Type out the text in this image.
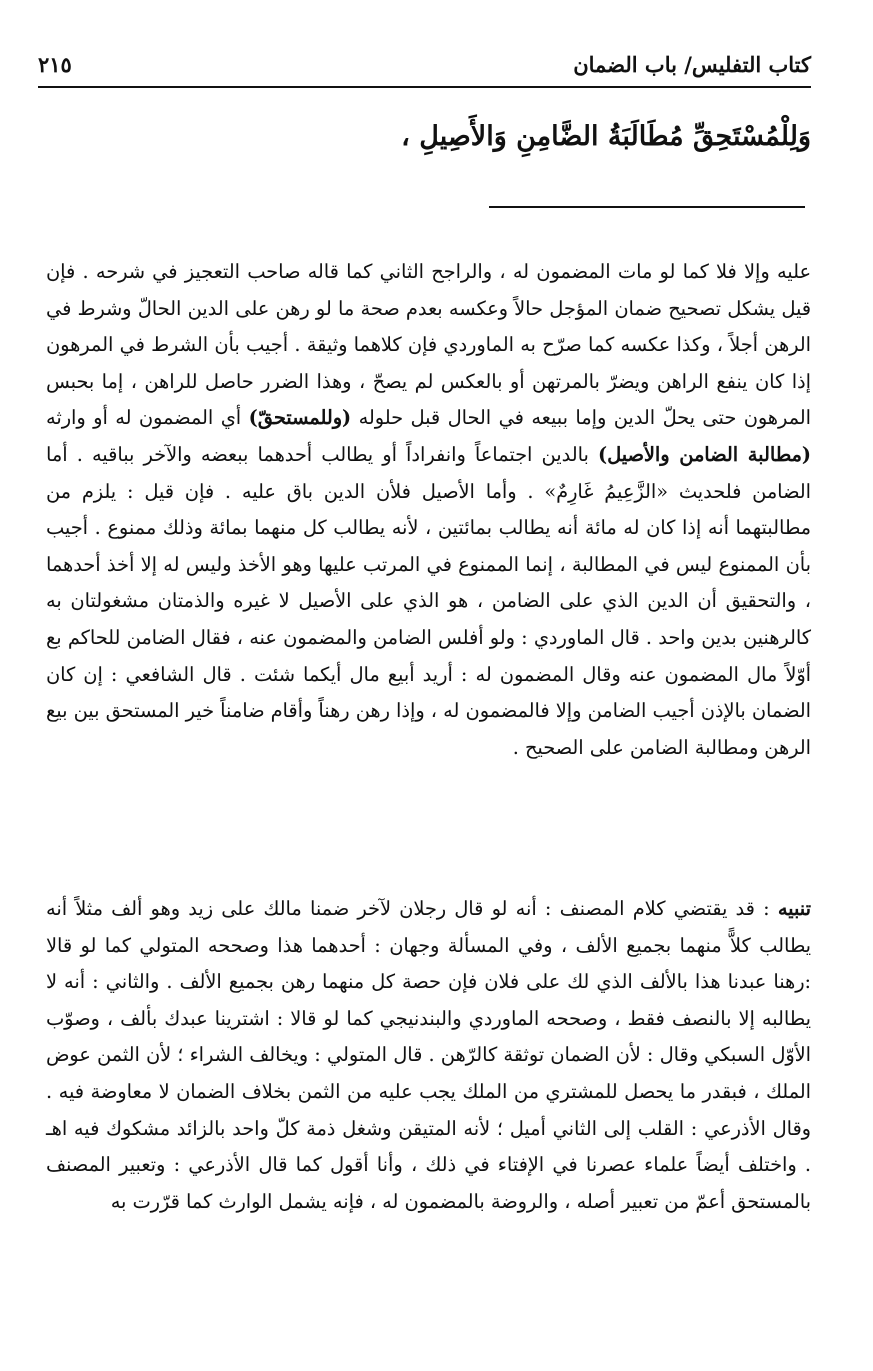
كتاب التفليس/ باب الضمان
٢١٥
وَلِلْمُسْتَحِقِّ مُطَالَبَةُ الضَّامِنِ وَالأَصِيلِ ،

عليه وإلا فلا كما لو مات المضمون له ، والراجح الثاني كما قاله صاحب التعجيز في شرحه . فإن قيل يشكل تصحيح ضمان المؤجل حالاً وعكسه بعدم صحة ما لو رهن على الدين الحالّ وشرط في الرهن أجلاً ، وكذا عكسه كما صرّح به الماوردي فإن كلاهما وثيقة . أجيب بأن الشرط في المرهون إذا كان ينفع الراهن ويضرّ بالمرتهن أو بالعكس لم يصحّ ، وهذا الضرر حاصل للراهن ، إما بحبس المرهون حتى يحلّ الدين وإما ببيعه في الحال قبل حلوله (وللمستحقّ) أي المضمون له أو وارثه (مطالبة الضامن والأصيل) بالدين اجتماعاً وانفراداً أو يطالب أحدهما ببعضه والآخر بباقيه . أما الضامن فلحديث «الزَّعِيمُ غَارِمٌ» . وأما الأصيل فلأن الدين باق عليه . فإن قيل : يلزم من مطالبتهما أنه إذا كان له مائة أنه يطالب بمائتين ، لأنه يطالب كل منهما بمائة وذلك ممنوع . أجيب بأن الممنوع ليس في المطالبة ، إنما الممنوع في المرتب عليها وهو الأخذ وليس له إلا أخذ أحدهما ، والتحقيق أن الدين الذي على الضامن ، هو الذي على الأصيل لا غيره والذمتان مشغولتان به كالرهنين بدين واحد . قال الماوردي : ولو أفلس الضامن والمضمون عنه ، فقال الضامن للحاكم بع أوّلاً مال المضمون عنه وقال المضمون له : أريد أبيع مال أيكما شئت . قال الشافعي : إن كان الضمان بالإذن أجيب الضامن وإلا فالمضمون له ، وإذا رهن رهناً وأقام ضامناً خير المستحق بين بيع الرهن ومطالبة الضامن على الصحيح .

تنبيه : قد يقتضي كلام المصنف : أنه لو قال رجلان لآخر ضمنا مالك على زيد وهو ألف مثلاً أنه يطالب كلاًّ منهما بجميع الألف ، وفي المسألة وجهان : أحدهما هذا وصححه المتولي كما لو قالا :رهنا عبدنا هذا بالألف الذي لك على فلان فإن حصة كل منهما رهن بجميع الألف . والثاني : أنه لا يطالبه إلا بالنصف فقط ، وصححه الماوردي والبندنيجي كما لو قالا : اشترينا عبدك بألف ، وصوّب الأوّل السبكي وقال : لأن الضمان توثقة كالرّهن . قال المتولي : ويخالف الشراء ؛ لأن الثمن عوض الملك ، فبقدر ما يحصل للمشتري من الملك يجب عليه من الثمن بخلاف الضمان لا معاوضة فيه . وقال الأذرعي : القلب إلى الثاني أميل ؛ لأنه المتيقن وشغل ذمة كلّ واحد بالزائد مشكوك فيه اهـ . واختلف أيضاً علماء عصرنا في الإفتاء في ذلك ، وأنا أقول كما قال الأذرعي : وتعبير المصنف بالمستحق أعمّ من تعبير أصله ، والروضة بالمضمون له ، فإنه يشمل الوارث كما قرّرت به
